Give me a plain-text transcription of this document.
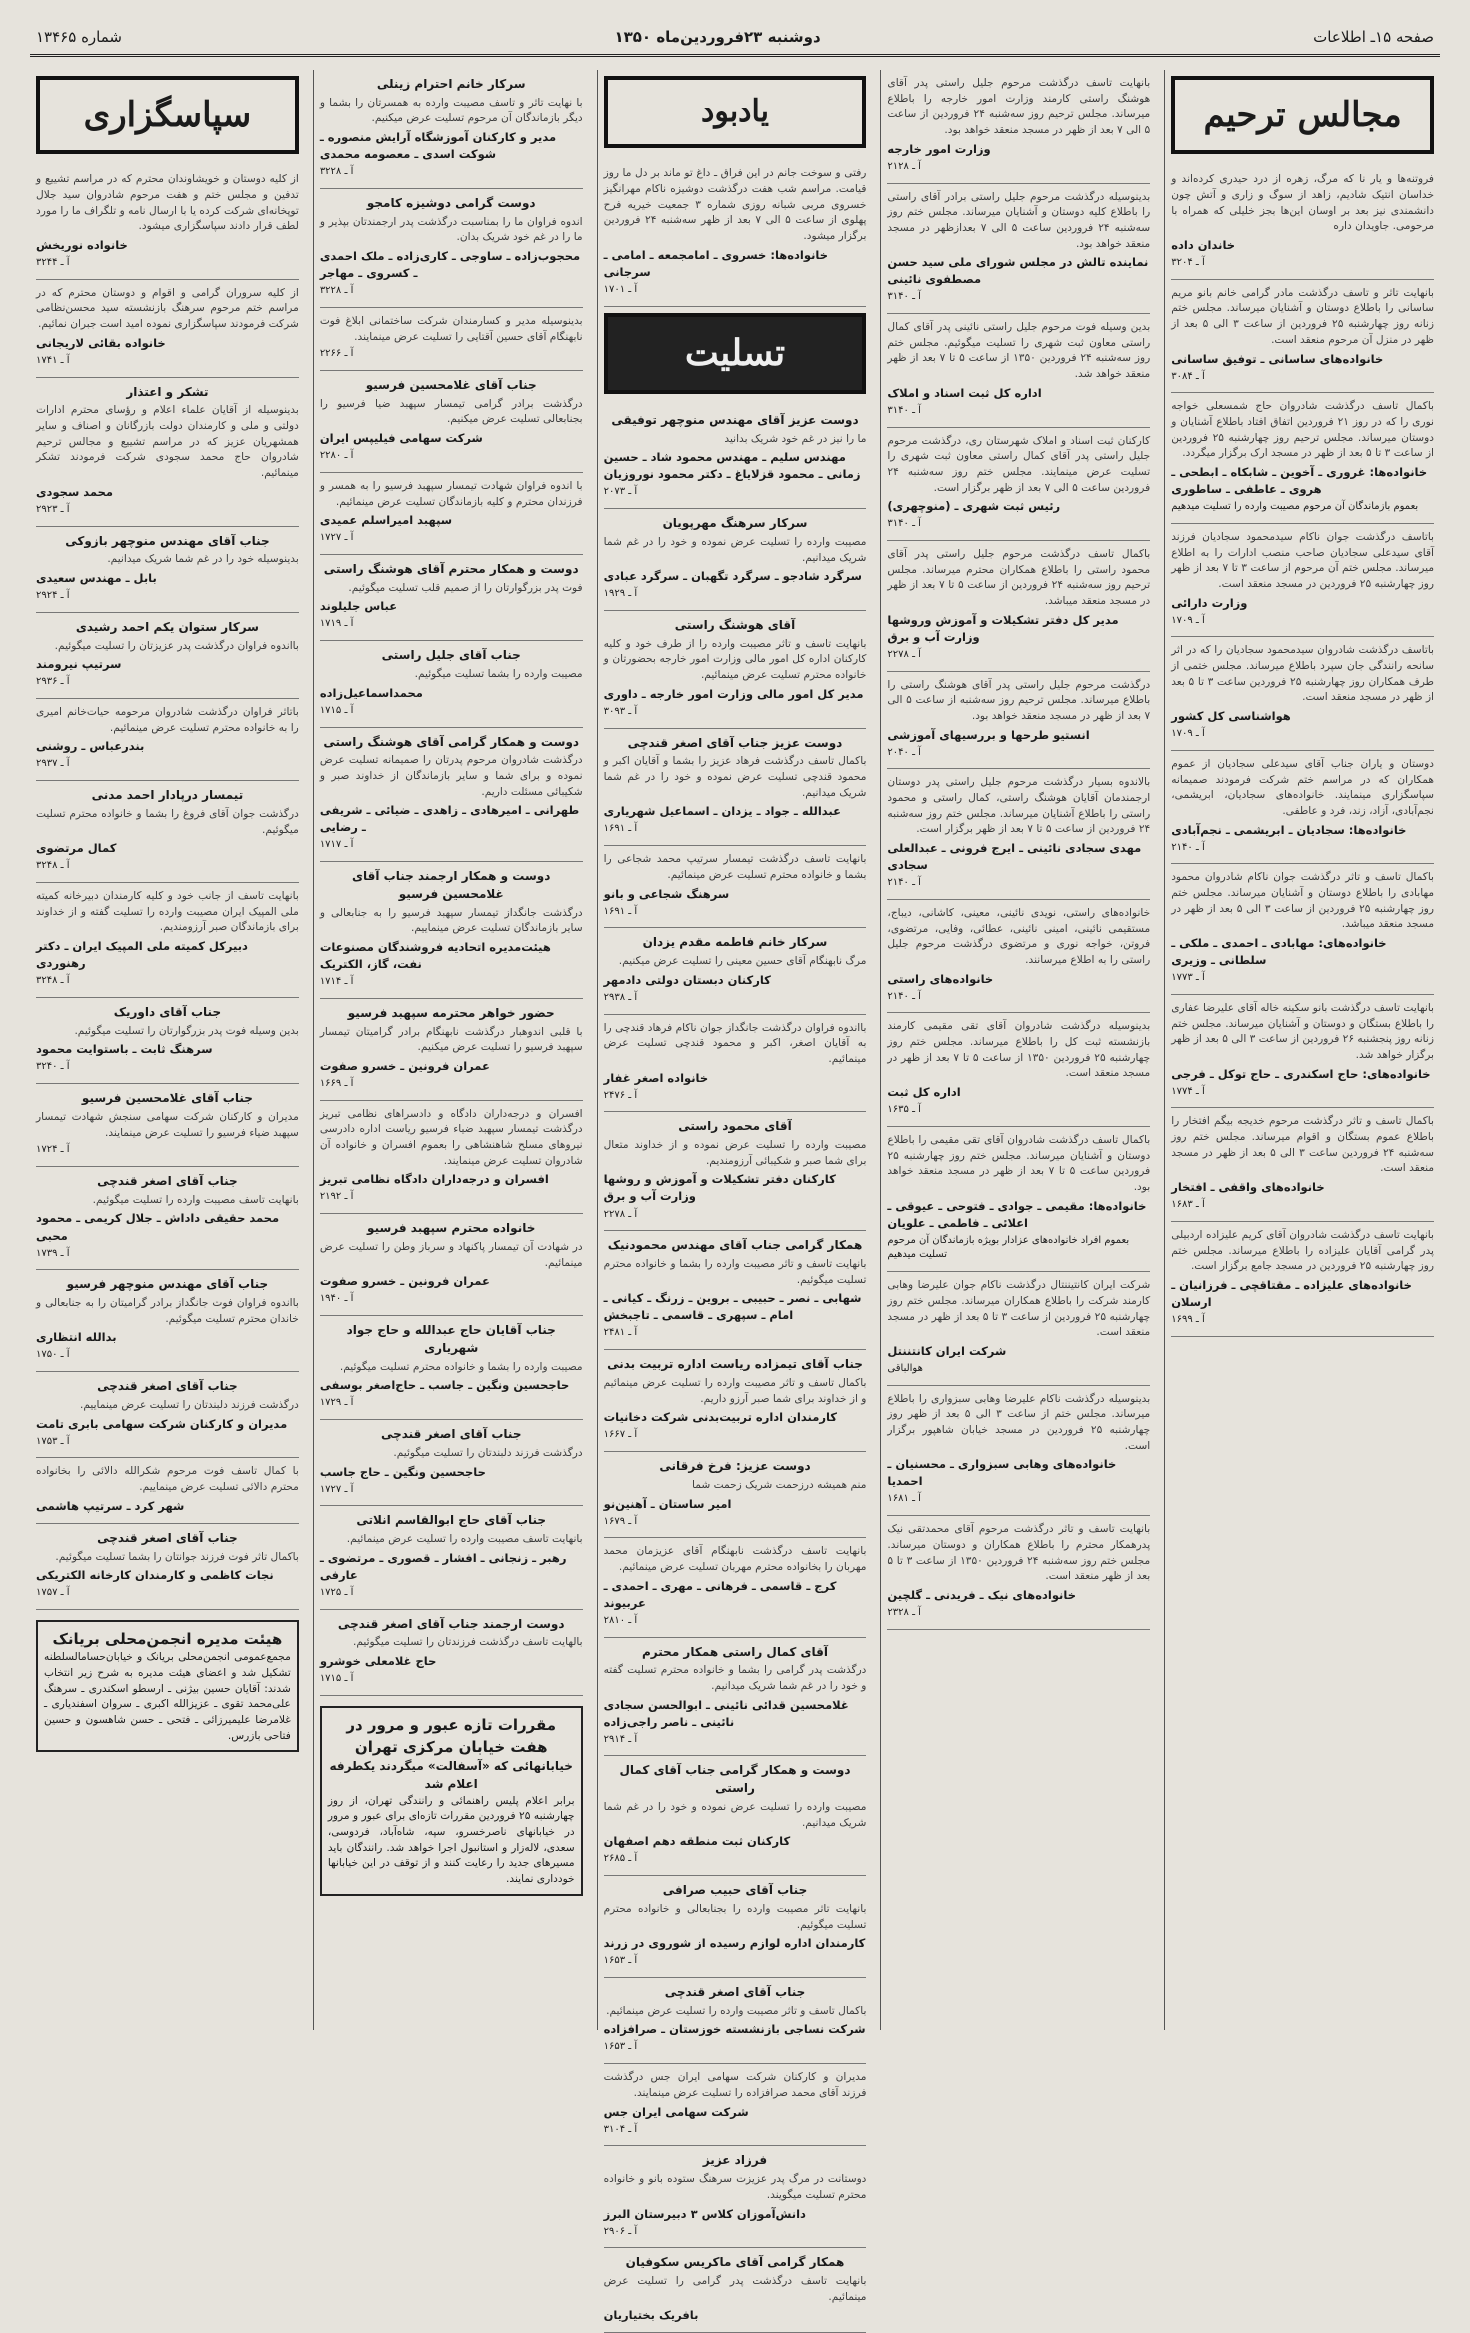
صفحه ۱۵ـ اطلاعات
دوشنبه ۲۳فروردین‌ماه ۱۳۵۰
شماره ۱۳۴۶۵
مجالس ترحیم
فروتنه‌ها و یار نا که مرگ، زهره از درد حیدری کرده‌اند و خداسان انتیک شادیم، زاهد از سوگ و زاری و آتش چون دانشمندی نیز بعد بر اوسان این‌ها بجز خلیلی که همراه با مرحومی. جاویدان داره
خاندان داده
آ ـ ۳۲۰۴
بانهایت تاثر و تاسف درگذشت مادر گرامی خانم بانو مریم ساسانی را باطلاع دوستان و آشنایان میرساند. مجلس ختم زنانه روز چهارشنبه ۲۵ فروردین از ساعت ۳ الی ۵ بعد از ظهر در منزل آن مرحوم منعقد است.
خانواده‌های ساسانی ـ توفیق ساسانی
آ ـ ۳۰۸۴
باکمال تاسف درگذشت شادروان حاج شمسعلی خواجه نوری را که در روز ۲۱ فروردین اتفاق افتاد باطلاع آشنایان و دوستان میرساند. مجلس ترحیم روز چهارشنبه ۲۵ فروردین از ساعت ۳ تا ۵ بعد از ظهر در مسجد ارک برگزار میگردد.
خانواده‌ها: غروری ـ آخوین ـ شابکاه ـ ابطحی ـ هروی ـ عاطفی ـ ساطوری
بعموم بازماندگان آن مرحوم مصیبت وارده را تسلیت میدهیم
باتاسف درگذشت جوان ناکام سیدمحمود سجادیان فرزند آقای سیدعلی سجادیان صاحب منصب ادارات را به اطلاع میرساند. مجلس ختم آن مرحوم از ساعت ۳ تا ۷ بعد از ظهر روز چهارشنبه ۲۵ فروردین در مسجد منعقد است.
وزارت دارائی
آ ـ ۱۷۰۹
باتاسف درگذشت شادروان سیدمحمود سجادیان را که در اثر سانحه رانندگی جان سپرد باطلاع میرساند. مجلس ختمی از طرف همکاران روز چهارشنبه ۲۵ فروردین ساعت ۳ تا ۵ بعد از ظهر در مسجد منعقد است.
هواشناسی کل کشور
آ ـ ۱۷۰۹
دوستان و یاران جناب آقای سیدعلی سجادیان از عموم همکاران که در مراسم ختم شرکت فرمودند صمیمانه سپاسگزاری مینمایند. خانواده‌های سجادیان، ابریشمی، نجم‌آبادی، آزاد، زند، فرد و عاطفی.
خانواده‌ها: سجادیان ـ ابریشمی ـ نجم‌آبادی
آ ـ ۲۱۴۰
باکمال تاسف و تاثر درگذشت جوان ناکام شادروان محمود مهابادی را باطلاع دوستان و آشنایان میرساند. مجلس ختم روز چهارشنبه ۲۵ فروردین از ساعت ۳ الی ۵ بعد از ظهر در مسجد منعقد میباشد.
خانواده‌های: مهابادی ـ احمدی ـ ملکی ـ سلطانی ـ وزیری
آ ـ ۱۷۷۳
بانهایت تاسف درگذشت بانو سکینه خاله آقای علیرضا عفاری را باطلاع بستگان و دوستان و آشنایان میرساند. مجلس ختم زنانه روز پنجشنبه ۲۶ فروردین از ساعت ۳ الی ۵ بعد از ظهر برگزار خواهد شد.
خانواده‌های: حاج اسکندری ـ حاج توکل ـ فرجی
آ ـ ۱۷۷۴
باکمال تاسف و تاثر درگذشت مرحوم خدیجه بیگم افتخار را باطلاع عموم بستگان و اقوام میرساند. مجلس ختم روز سه‌شنبه ۲۴ فروردین ساعت ۳ الی ۵ بعد از ظهر در مسجد منعقد است.
خانواده‌های واقفی ـ افتخار
آ ـ ۱۶۸۳
بانهایت تاسف درگذشت شادروان آقای کریم علیزاده اردبیلی پدر گرامی آقایان علیزاده را باطلاع میرساند. مجلس ختم روز چهارشنبه ۲۵ فروردین در مسجد جامع برگزار است.
خانواده‌های علیزاده ـ مقتاقچی ـ فرزانیان ـ ارسلان
آ ـ ۱۶۹۹
بانهایت تاسف درگذشت مرحوم جلیل راستی پدر آقای هوشنگ راستی کارمند وزارت امور خارجه را باطلاع میرساند. مجلس ترحیم روز سه‌شنبه ۲۴ فروردین از ساعت ۵ الی ۷ بعد از ظهر در مسجد منعقد خواهد بود.
وزارت امور خارجه
آ ـ ۲۱۲۸
بدینوسیله درگذشت مرحوم جلیل راستی برادر آقای راستی را باطلاع کلیه دوستان و آشنایان میرساند. مجلس ختم روز سه‌شنبه ۲۴ فروردین ساعت ۵ الی ۷ بعدازظهر در مسجد منعقد خواهد بود.
نماینده تالش در مجلس شورای ملی سید حسن مصطفوی نائینی
آ ـ ۳۱۴۰
بدین وسیله فوت مرحوم جلیل راستی نائینی پدر آقای کمال راستی معاون ثبت شهری را تسلیت میگوئیم. مجلس ختم روز سه‌شنبه ۲۴ فروردین ۱۳۵۰ از ساعت ۵ تا ۷ بعد از ظهر منعقد خواهد شد.
اداره کل ثبت اسناد و املاک
آ ـ ۳۱۴۰
کارکنان ثبت اسناد و املاک شهرستان ری، درگذشت مرحوم جلیل راستی پدر آقای کمال راستی معاون ثبت شهری را تسلیت عرض مینمایند. مجلس ختم روز سه‌شنبه ۲۴ فروردین ساعت ۵ الی ۷ بعد از ظهر برگزار است.
رئیس ثبت شهری ـ (منوچهری)
آ ـ ۳۱۴۰
باکمال تاسف درگذشت مرحوم جلیل راستی پدر آقای محمود راستی را باطلاع همکاران محترم میرساند. مجلس ترحیم روز سه‌شنبه ۲۴ فروردین از ساعت ۵ تا ۷ بعد از ظهر در مسجد منعقد میباشد.
مدیر کل دفتر تشکیلات و آموزش وروشها وزارت آب و برق
آ ـ ۲۲۷۸
درگذشت مرحوم جلیل راستی پدر آقای هوشنگ راستی را باطلاع میرساند. مجلس ترحیم روز سه‌شنبه از ساعت ۵ الی ۷ بعد از ظهر در مسجد منعقد خواهد بود.
انستیو طرحها و بررسیهای آموزشی
آ ـ ۲۰۴۰
بالاندوه بسیار درگذشت مرحوم جلیل راستی پدر دوستان ارجمندمان آقایان هوشنگ راستی، کمال راستی و محمود راستی را باطلاع آشنایان میرساند. مجلس ختم روز سه‌شنبه ۲۴ فروردین از ساعت ۵ تا ۷ بعد از ظهر برگزار است.
مهدی سجادی نائینی ـ ایرج فرونی ـ عبدالعلی سجادی
آ ـ ۲۱۴۰
خانواده‌های راستی، نویدی نائینی، معینی، کاشانی، دیباج، مستقیمی نائینی، امینی نائینی، عطائی، وفایی، مرتضوی، فروتن، خواجه نوری و مرتضوی درگذشت مرحوم جلیل راستی را به اطلاع میرسانند.
خانواده‌های راستی
آ ـ ۲۱۴۰
بدینوسیله درگذشت شادروان آقای تقی مقیمی کارمند بازنشسته ثبت کل را باطلاع میرساند. مجلس ختم روز چهارشنبه ۲۵ فروردین ۱۳۵۰ از ساعت ۵ تا ۷ بعد از ظهر در مسجد منعقد است.
اداره کل ثبت
آ ـ ۱۶۳۵
باکمال تاسف درگذشت شادروان آقای تقی مقیمی را باطلاع دوستان و آشنایان میرساند. مجلس ختم روز چهارشنبه ۲۵ فروردین ساعت ۵ تا ۷ بعد از ظهر در مسجد منعقد خواهد بود.
خانواده‌ها: مقیمی ـ جوادی ـ فتوحی ـ عیوقی ـ اعلائی ـ فاطمی ـ علویان
بعموم افراد خانواده‌های عزادار بویژه بازماندگان آن مرحوم تسلیت میدهیم
شرکت ایران کانتیننتال درگذشت ناکام جوان علیرضا وهابی کارمند شرکت را باطلاع همکاران میرساند. مجلس ختم روز چهارشنبه ۲۵ فروردین از ساعت ۳ تا ۵ بعد از ظهر در مسجد منعقد است.
شرکت ایران کانتننتل
هوالباقی
بدینوسیله درگذشت ناکام علیرضا وهابی سبزواری را باطلاع میرساند. مجلس ختم از ساعت ۳ الی ۵ بعد از ظهر روز چهارشنبه ۲۵ فروردین در مسجد خیابان شاهپور برگزار است.
خانواده‌های وهابی سبزواری ـ محسنیان ـ احمدیا
آ ـ ۱۶۸۱
بانهایت تاسف و تاثر درگذشت مرحوم آقای محمدتقی نیک پدرهمکار محترم را باطلاع همکاران و دوستان میرساند. مجلس ختم روز سه‌شنبه ۲۴ فروردین ۱۳۵۰ از ساعت ۳ تا ۵ بعد از ظهر منعقد است.
خانواده‌های نیک ـ فریدنی ـ گلچین
آ ـ ۲۳۲۸
یادبود
رفتی و سوخت جانم در این فراق ـ داغ تو ماند بر دل ما روز قیامت. مراسم شب هفت درگذشت دوشیزه ناکام مهرانگیز خسروی مربی شبانه روزی شماره ۳ جمعیت خیریه فرح پهلوی از ساعت ۵ الی ۷ بعد از ظهر سه‌شنبه ۲۴ فروردین برگزار میشود.
خانواده‌ها: خسروی ـ امامجمعه ـ امامی ـ سرجانی
آ ـ ۱۷۰۱
تسلیت
دوست عزیز آقای مهندس منوچهر توفیقی
ما را نیز در غم خود شریک بدانید
مهندس سلیم ـ مهندس محمود شاد ـ حسین زمانی ـ محمود قزلایاغ ـ دکتر محمود نوروزیان
آ ـ ۲۰۷۳
سرکار سرهنگ مهرپویان
مصیبت وارده را تسلیت عرض نموده و خود را در غم شما شریک میدانیم.
سرگرد شادجو ـ سرگرد تگهبان ـ سرگرد عبادی
آ ـ ۱۹۲۹
آقای هوشنگ راستی
بانهایت تاسف و تاثر مصیبت وارده را از طرف خود و کلیه کارکنان اداره کل امور مالی وزارت امور خارجه بحضورتان و خانواده محترم تسلیت عرض مینمائیم.
مدیر کل امور مالی وزارت امور خارجه ـ داوری
آ ـ ۳۰۹۳
دوست عزیز جناب آقای اصغر قندچی
باکمال تاسف درگذشت فرهاد عزیز را بشما و آقایان اکبر و محمود قندچی تسلیت عرض نموده و خود را در غم شما شریک میدانیم.
عبدالله ـ جواد ـ یزدان ـ اسماعیل شهریاری
آ ـ ۱۶۹۱
بانهایت تاسف درگذشت تیمسار سرتیپ محمد شجاعی را بشما و خانواده محترم تسلیت عرض مینمائیم.
سرهنگ شجاعی و بانو
آ ـ ۱۶۹۱
سرکار خانم فاطمه مقدم یزدان
مرگ نابهنگام آقای حسین معینی را تسلیت عرض میکنیم.
کارکنان دبستان دولتی دادمهر
آ ـ ۲۹۳۸
بااندوه فراوان درگذشت جانگداز جوان ناکام فرهاد قندچی را به آقایان اصغر، اکبر و محمود قندچی تسلیت عرض مینمائیم.
خانواده اصغر غفار
آ ـ ۲۴۷۶
آقای محمود راستی
مصیبت وارده را تسلیت عرض نموده و از خداوند متعال برای شما صبر و شکیبائی آرزومندیم.
کارکنان دفتر تشکیلات و آموزش و روشها وزارت آب و برق
آ ـ ۲۲۷۸
همکار گرامی جناب آقای مهندس محمودنیک
بانهایت تاسف و تاثر مصیبت وارده را بشما و خانواده محترم تسلیت میگوئیم.
شهابی ـ نصر ـ حبیبی ـ بروین ـ زرنگ ـ کیانی ـ امام ـ سپهری ـ قاسمی ـ تاجبخش
آ ـ ۲۴۸۱
جناب آقای تیمزاده ریاست اداره تربیت بدنی
باکمال تاسف و تاثر مصیبت وارده را تسلیت عرض مینمائیم و از خداوند برای شما صبر آرزو داریم.
کارمندان اداره تربیت‌بدنی شرکت دخانیات
آ ـ ۱۶۶۷
دوست عزیز: فرخ فرقانی
منم همیشه درزحمت شریک زحمت شما
امیر ساستان ـ آهنین‌نو
آ ـ ۱۶۷۹
بانهایت تاسف درگذشت نابهنگام آقای عزیزمان محمد مهربان را بخانواده محترم مهربان تسلیت عرض مینمائیم.
کرج ـ قاسمی ـ فرهانی ـ مهری ـ احمدی ـ عربیوند
آ ـ ۲۸۱۰
آقای کمال راستی همکار محترم
درگذشت پدر گرامی را بشما و خانواده محترم تسلیت گفته و خود را در غم شما شریک میدانیم.
غلامحسین قدائی نائینی ـ ابوالحسن سجادی نائینی ـ ناصر راجی‌زاده
آ ـ ۲۹۱۴
دوست و همکار گرامی جناب آقای کمال راستی
مصیبت وارده را تسلیت عرض نموده و خود را در غم شما شریک میدانیم.
کارکنان ثبت منطقه دهم اصفهان
آ ـ ۲۶۸۵
جناب آقای حبیب صرافی
بانهایت تاثر مصیبت وارده را بجنابعالی و خانواده محترم تسلیت میگوئیم.
کارمندان اداره لوازم رسیده از شوروی در زرند
آ ـ ۱۶۵۳
جناب آقای اصغر قندچی
باکمال تاسف و تاثر مصیبت وارده را تسلیت عرض مینمائیم.
شرکت نساجی بازنشسته خوزستان ـ صرافزاده
آ ـ ۱۶۵۳
مدیران و کارکنان شرکت سهامی ایران جس درگذشت فرزند آقای محمد صرافزاده را تسلیت عرض مینمایند.
شرکت سهامی ایران جس
آ ـ ۳۱۰۴
فرزاد عزیز
دوستانت در مرگ پدر عزیزت سرهنگ ستوده بانو و خانواده محترم تسلیت میگویند.
دانش‌آموزان کلاس ۳ دبیرستان البرز
آ ـ ۲۹۰۶
همکار گرامی آقای ماکریس سکوفیان
بانهایت تاسف درگذشت پدر گرامی را تسلیت عرض مینمائیم.
بافریک بختیاریان
سرکار خانم احترام زینلی
با نهایت تاثر و تاسف مصیبت وارده به همسرتان را بشما و دیگر بازماندگان آن مرحوم تسلیت عرض میکنیم.
مدیر و کارکنان آموزشگاه آرایش منصوره ـ شوکت اسدی ـ معصومه محمدی
آ ـ ۳۲۲۸
دوست گرامی دوشیزه کامجو
اندوه فراوان ما را بمناسبت درگذشت پدر ارجمندتان بپذیر و ما را در غم خود شریک بدان.
محجوب‌زاده ـ ساوجی ـ کاری‌زاده ـ ملک احمدی ـ کسروی ـ مهاجر
آ ـ ۳۲۲۸
بدینوسیله مدیر و کسارمندان شرکت ساختمانی ابلاغ فوت نابهنگام آقای حسین آقتایی را تسلیت عرض مینمایند.
آ ـ ۲۲۶۶
جناب آقای غلامحسین فرسیو
درگذشت برادر گرامی تیمسار سپهبد ضیا فرسیو را بجنابعالی تسلیت عرض میکنیم.
شرکت سهامی فیلیپس ایران
آ ـ ۲۲۸۰
با اندوه فراوان شهادت تیمسار سپهبد فرسیو را به همسر و فرزندان محترم و کلیه بازماندگان تسلیت عرض مینمائیم.
سپهبد امیراسلم عمیدی
آ ـ ۱۷۲۷
دوست و همکار محترم آقای هوشنگ راستی
فوت پدر بزرگوارتان را از صمیم قلب تسلیت میگوئیم.
عباس جلیلوند
آ ـ ۱۷۱۹
جناب آقای جلیل راستی
مصیبت وارده را بشما تسلیت میگوئیم.
محمداسماعیل‌زاده
آ ـ ۱۷۱۵
دوست و همکار گرامی آقای هوشنگ راستی
درگذشت شادروان مرحوم پدرتان را صمیمانه تسلیت عرض نموده و برای شما و سایر بازماندگان از خداوند صبر و شکیبائی مسئلت داریم.
طهرانی ـ امیرهادی ـ زاهدی ـ ضیائی ـ شریفی ـ رضایی
آ ـ ۱۷۱۷
دوست و همکار ارجمند جناب آقای غلامحسین فرسیو
درگذشت جانگداز تیمسار سپهبد فرسیو را به جنابعالی و سایر بازماندگان تسلیت عرض مینماییم.
هیئت‌مدیره اتحادیه فروشندگان مصنوعات نفت، گاز، الکتریک
آ ـ ۱۷۱۴
حضور خواهر محترمه سپهبد فرسیو
با قلبی اندوهبار درگذشت نابهنگام برادر گرامیتان تیمسار سپهبد فرسیو را تسلیت عرض میکنیم.
عمران فرونین ـ خسرو صفوت
آ ـ ۱۶۶۹
افسران و درجه‌داران دادگاه و دادسراهای نظامی تبریز درگذشت تیمسار سپهبد ضیاء فرسیو ریاست اداره دادرسی نیروهای مسلح شاهنشاهی را بعموم افسران و خانواده آن شادروان تسلیت عرض مینمایند.
افسران و درجه‌داران دادگاه نظامی تبریز
آ ـ ۲۱۹۲
خانواده محترم سپهبد فرسیو
در شهادت آن تیمسار پاکنهاد و سرباز وطن را تسلیت عرض مینمائیم.
عمران فرونین ـ خسرو صفوت
آ ـ ۱۹۴۰
جناب آقایان حاج عبدالله و حاج جواد شهریاری
مصیبت وارده را بشما و خانواده محترم تسلیت میگوئیم.
حاجحسین ونگین ـ جاسب ـ حاج‌اصغر بوسفی
آ ـ ۱۷۲۹
جناب آقای اصغر قندچی
درگذشت فرزند دلبندتان را تسلیت میگوئیم.
حاجحسین ونگین ـ حاج جاسب
آ ـ ۱۷۲۷
جناب آقای حاج ابوالقاسم انلاتی
بانهایت تاسف مصیبت وارده را تسلیت عرض مینمائیم.
رهبر ـ زنجانی ـ افشار ـ قصوری ـ مرتضوی ـ عارفی
آ ـ ۱۷۲۵
دوست ارجمند جناب آقای اصغر قندچی
بالهایت تاسف درگذشت فرزندتان را تسلیت میگوئیم.
حاج غلامعلی خوشرو
آ ـ ۱۷۱۵
مقررات تازه عبور و مرور در هفت خیابان مرکزی تهران
خیابانهائی که «آسفالت» میگردند یکطرفه اعلام شد
برابر اعلام پلیس راهنمائی و رانندگی تهران، از روز چهارشنبه ۲۵ فروردین مقررات تازه‌ای برای عبور و مرور در خیابانهای ناصرخسرو، سپه، شاه‌آباد، فردوسی، سعدی، لاله‌زار و استانبول اجرا خواهد شد. رانندگان باید مسیرهای جدید را رعایت کنند و از توقف در این خیابانها خودداری نمایند.
سپاسگزاری
از کلیه دوستان و خویشاوندان محترم که در مراسم تشییع و تدفین و مجلس ختم و هفت مرحوم شادروان سید جلال توپخانه‌ای شرکت کرده یا با ارسال نامه و تلگراف ما را مورد لطف قرار دادند سپاسگزاری میشود.
خانواده نوریخش
آ ـ ۳۲۴۴
از کلیه سروران گرامی و اقوام و دوستان محترم که در مراسم ختم مرحوم سرهنگ بازنشسته سید محسن‌نظامی شرکت فرمودند سپاسگزاری نموده امید است جبران نمائیم.
خانواده بقائی لاریجانی
آ ـ ۱۷۴۱
تشکر و اعتذار
بدینوسیله از آقایان علماء اعلام و رؤسای محترم ادارات دولتی و ملی و کارمندان دولت بازرگانان و اصناف و سایر همشهریان عزیز که در مراسم تشییع و مجالس ترحیم شادروان حاج محمد سجودی شرکت فرمودند تشکر مینمائیم.
محمد سجودی
آ ـ ۲۹۲۳
جناب آقای مهندس منوچهر بازوکی
بدینوسیله خود را در غم شما شریک میدانیم.
بابل ـ مهندس سعیدی
آ ـ ۲۹۲۴
سرکار ستوان یکم احمد رشیدی
بااندوه فراوان درگذشت پدر عزیزتان را تسلیت میگوئیم.
سرتیپ نیرومند
آ ـ ۲۹۳۶
باتاثر فراوان درگذشت شادروان مرحومه حیات‌خانم امیری را به خانواده محترم تسلیت عرض مینمائیم.
بندرعباس ـ روشنی
آ ـ ۲۹۳۷
تیمسار درپادار احمد مدنی
درگذشت جوان آقای فروغ را بشما و خانواده محترم تسلیت میگوئیم.
کمال مرتضوی
آ ـ ۳۲۴۸
بانهایت تاسف از جانب خود و کلیه کارمندان دبیرخانه کمیته ملی المپیک ایران مصیبت وارده را تسلیت گفته و از خداوند برای بازماندگان صبر آرزومندیم.
دبیرکل کمیته ملی المپیک ایران ـ دکتر رهنوردی
آ ـ ۳۲۴۸
جناب آقای داوریک
بدین وسیله فوت پدر بزرگوارتان را تسلیت میگوئیم.
سرهنگ ثابت ـ باستوایت محمود
آ ـ ۳۲۴۰
جناب آقای غلامحسین فرسیو
مدیران و کارکنان شرکت سهامی سنجش شهادت تیمسار سپهبد ضیاء فرسیو را تسلیت عرض مینمایند.
آ ـ ۱۷۲۴
جناب آقای اصغر قندچی
بانهایت تاسف مصیبت وارده را تسلیت میگوئیم.
محمد حقیقی داداش ـ جلال کریمی ـ محمود محبی
آ ـ ۱۷۳۹
جناب آقای مهندس منوچهر فرسیو
بااندوه فراوان فوت جانگداز برادر گرامیتان را به جنابعالی و خاندان محترم تسلیت میگوئیم.
بدالله انتظاری
آ ـ ۱۷۵۰
جناب آقای اصغر قندچی
درگذشت فرزند دلبندتان را تسلیت عرض مینماییم.
مدیران و کارکنان شرکت سهامی بابری تامت
آ ـ ۱۷۵۳
با کمال تاسف فوت مرحوم شکرالله دالائی را بخانواده محترم دالائی تسلیت عرض مینماییم.
شهر کرد ـ سرتیپ هاشمی
جناب آقای اصغر قندچی
باکمال تاثر فوت فرزند جوانتان را بشما تسلیت میگوئیم.
نجات کاظمی و کارمندان کارخانه الکتریکی
آ ـ ۱۷۵۷
هیئت مدیره انجمن‌محلی بریانک
مجمع‌عمومی انجمن‌محلی بریانک و خیابان‌حسامالسلطنه تشکیل شد و اعضای هیئت مدیره به شرح زیر انتخاب شدند: آقایان حسین بیژنی ـ ارسطو اسکندری ـ سرهنگ علی‌محمد تقوی ـ عزیزالله اکبری ـ سروان اسفندیاری ـ غلامرضا علیمیرزائی ـ فتحی ـ حسن شاهسون و حسین فتاحی بازرس.
